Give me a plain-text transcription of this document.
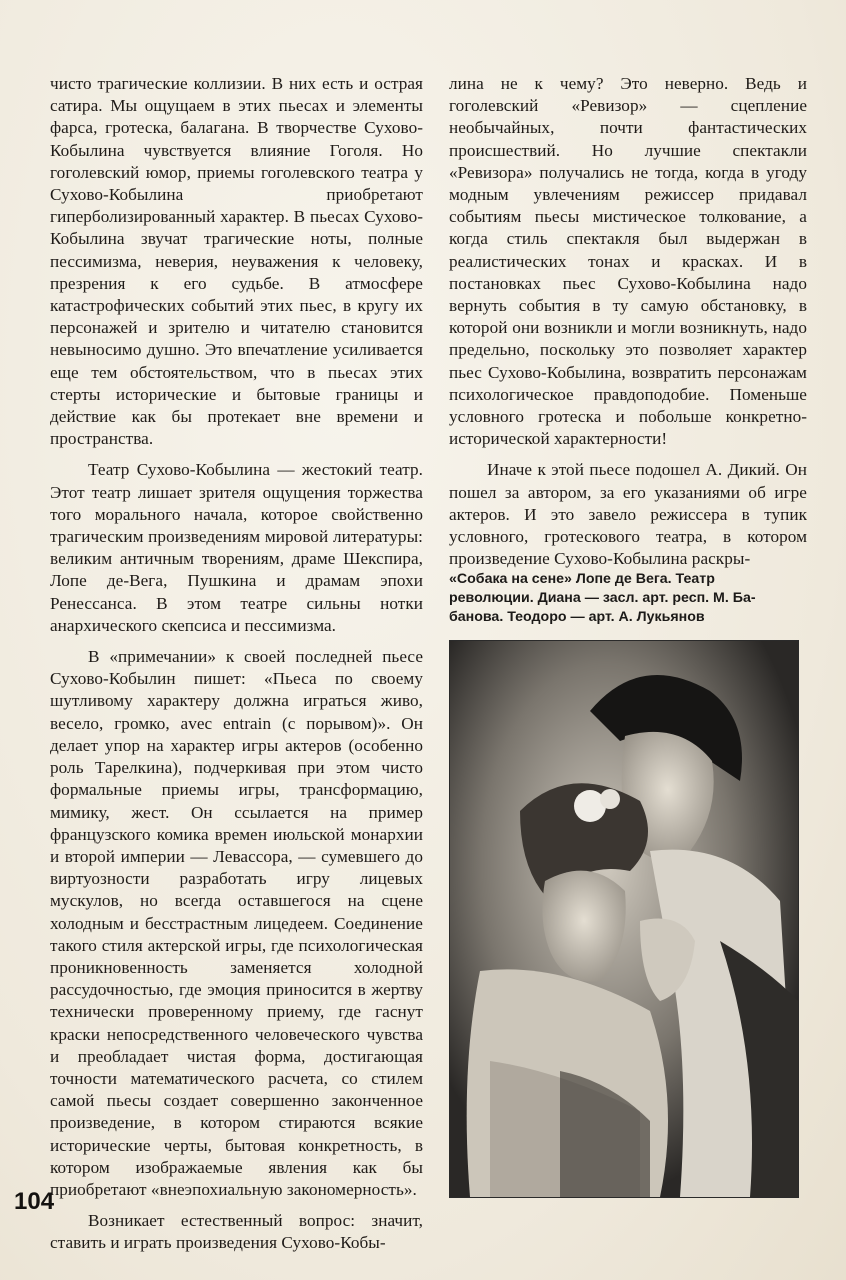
чисто трагические коллизии. В них есть и острая сатира. Мы ощущаем в этих пьесах и элементы фарса, гротеска, балагана. В творчестве Сухово-Кобылина чувствуется влияние Гоголя. Но гоголевский юмор, приемы гоголевского театра у Сухово-Кобылина приобретают гиперболизированный характер. В пьесах Сухово-Кобылина звучат трагические ноты, полные пессимизма, неверия, неуважения к человеку, презрения к его судьбе. В атмосфере катастрофических событий этих пьес, в кругу их персонажей и зрителю и читателю становится невыносимо душно. Это впечатление усиливается еще тем обстоятельством, что в пьесах этих стерты исторические и бытовые границы и действие как бы протекает вне времени и пространства.

Театр Сухово-Кобылина — жестокий театр. Этот театр лишает зрителя ощущения торжества того морального начала, которое свойственно трагическим произведениям мировой литературы: великим античным творениям, драме Шекспира, Лопе де-Вега, Пушкина и драмам эпохи Ренессанса. В этом театре сильны нотки анархического скепсиса и пессимизма.

В «примечании» к своей последней пьесе Сухово-Кобылин пишет: «Пьеса по своему шутливому характеру должна играться живо, весело, громко, avec entrain (с порывом)». Он делает упор на характер игры актеров (особенно роль Тарелкина), подчеркивая при этом чисто формальные приемы игры, трансформацию, мимику, жест. Он ссылается на пример французского комика времен июльской монархии и второй империи — Левассора, — сумевшего до виртуозности разработать игру лицевых мускулов, но всегда оставшегося на сцене холодным и бесстрастным лицедеем. Соединение такого стиля актерской игры, где психологическая проникновенность заменяется холодной рассудочностью, где эмоция приносится в жертву технически проверенному приему, где гаснут краски непосредственного человеческого чувства и преобладает чистая форма, достигающая точности математического расчета, со стилем самой пьесы создает совершенно законченное произведение, в котором стираются всякие исторические черты, бытовая конкретность, в котором изображаемые явления как бы приобретают «внеэпохиальную закономерность».

Возникает естественный вопрос: значит, ставить и играть произведения Сухово-Кобы-

лина не к чему? Это неверно. Ведь и гоголевский «Ревизор» — сцепление необычайных, почти фантастических происшествий. Но лучшие спектакли «Ревизора» получались не тогда, когда в угоду модным увлечениям режиссер придавал событиям пьесы мистическое толкование, а когда стиль спектакля был выдержан в реалистических тонах и красках. И в постановках пьес Сухово-Кобылина надо вернуть события в ту самую обстановку, в которой они возникли и могли возникнуть, надо предельно, поскольку это позволяет характер пьес Сухово-Кобылина, возвратить персонажам психологическое правдоподобие. Поменьше условного гротеска и побольше конкретно-исторической характерности!

Иначе к этой пьесе подошел А. Дикий. Он пошел за автором, за его указаниями об игре актеров. И это завело режиссера в тупик условного, гротескового театра, в котором произведение Сухово-Кобылина раскры-

«Собака на сене» Лопе де Вега. Театр
революции. Диана — засл. арт. респ. М. Ба-
банова. Теодоро — арт. А. Лукьянов
104
